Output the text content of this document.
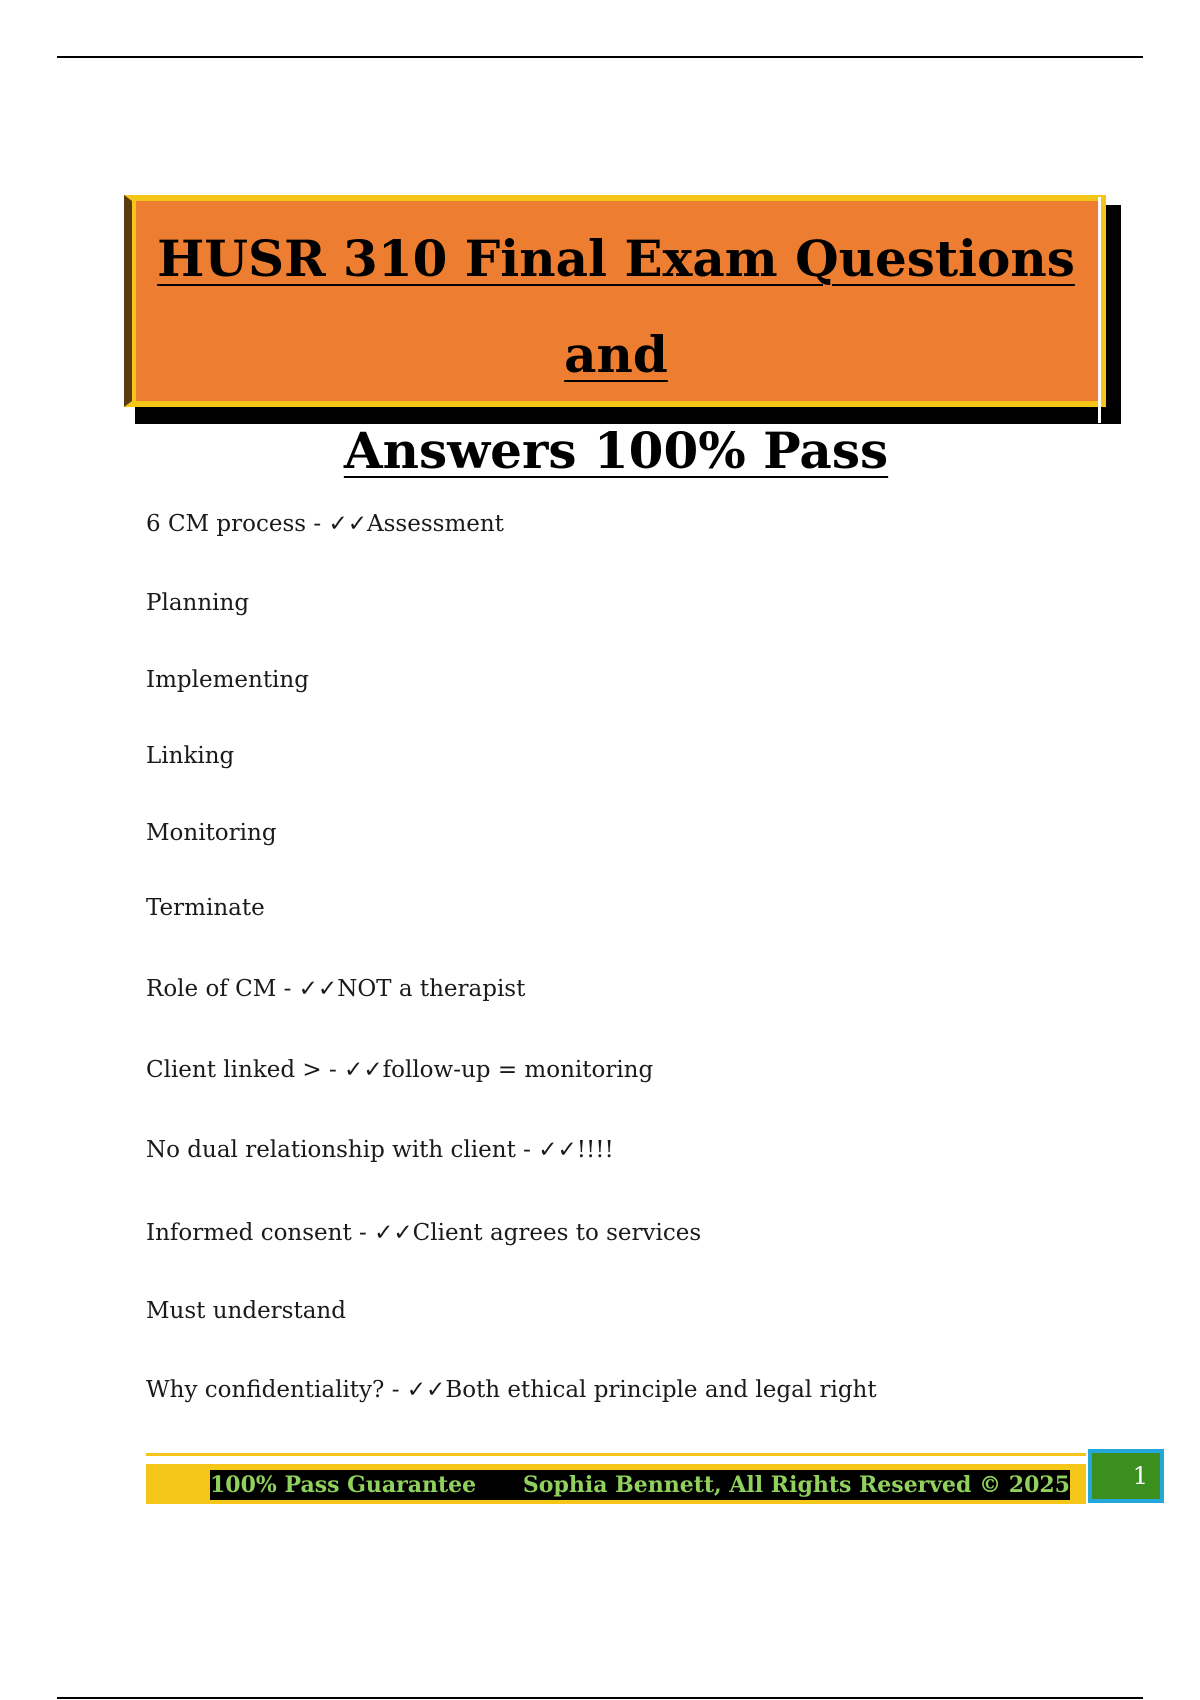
HUSR 310 Final Exam Questions and
Answers 100% Pass
6 CM process - ✓✓Assessment
Planning
Implementing
Linking
Monitoring
Terminate
Role of CM - ✓✓NOT a therapist
Client linked > - ✓✓follow-up = monitoring
No dual relationship with client - ✓✓!!!!
Informed consent - ✓✓Client agrees to services
Must understand
Why confidentiality? - ✓✓Both ethical principle and legal right
100% Pass Guarantee Sophia Bennett, All Rights Reserved © 2025	1
